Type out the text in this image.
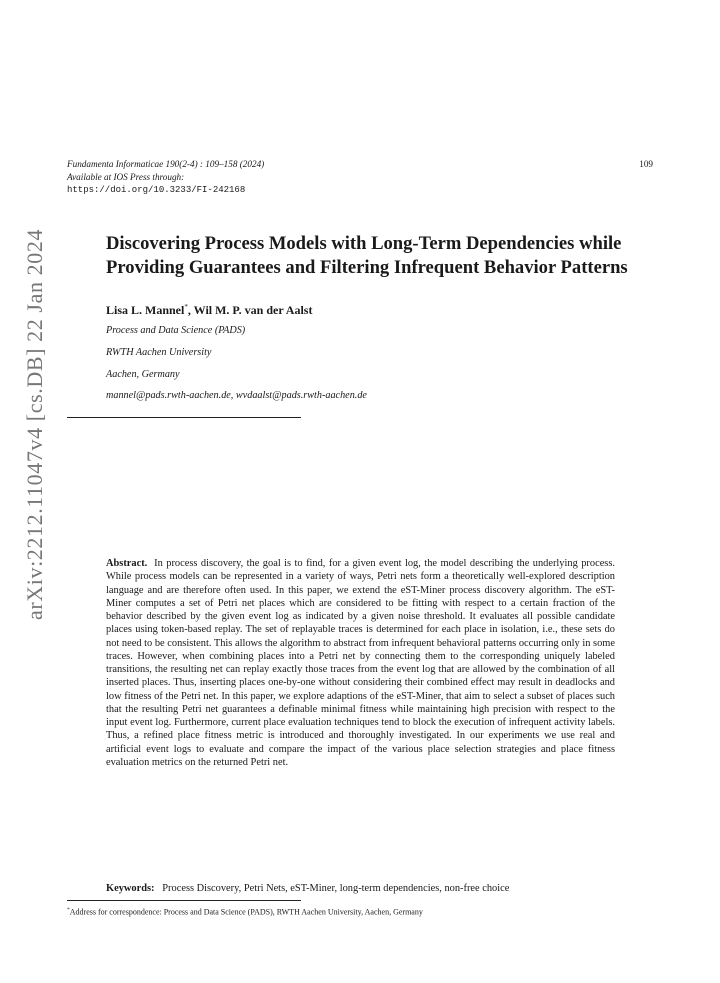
arXiv:2212.11047v4 [cs.DB] 22 Jan 2024
Fundamenta Informaticae 190(2-4) : 109–158 (2024)
Available at IOS Press through:
https://doi.org/10.3233/FI-242168
109
Discovering Process Models with Long-Term Dependencies while Providing Guarantees and Filtering Infrequent Behavior Patterns
Lisa L. Mannel*, Wil M. P. van der Aalst
Process and Data Science (PADS)
RWTH Aachen University
Aachen, Germany
mannel@pads.rwth-aachen.de, wvdaalst@pads.rwth-aachen.de
Abstract. In process discovery, the goal is to find, for a given event log, the model describing the underlying process. While process models can be represented in a variety of ways, Petri nets form a theoretically well-explored description language and are therefore often used. In this paper, we extend the eST-Miner process discovery algorithm. The eST-Miner computes a set of Petri net places which are considered to be fitting with respect to a certain fraction of the behavior described by the given event log as indicated by a given noise threshold. It evaluates all possible candidate places using token-based replay. The set of replayable traces is determined for each place in isolation, i.e., these sets do not need to be consistent. This allows the algorithm to abstract from infrequent behavioral patterns occurring only in some traces. However, when combining places into a Petri net by connecting them to the corresponding uniquely labeled transitions, the resulting net can replay exactly those traces from the event log that are allowed by the combination of all inserted places. Thus, inserting places one-by-one without considering their combined effect may result in deadlocks and low fitness of the Petri net. In this paper, we explore adaptions of the eST-Miner, that aim to select a subset of places such that the resulting Petri net guarantees a definable minimal fitness while maintaining high precision with respect to the input event log. Furthermore, current place evaluation techniques tend to block the execution of infrequent activity labels. Thus, a refined place fitness metric is introduced and thoroughly investigated. In our experiments we use real and artificial event logs to evaluate and compare the impact of the various place selection strategies and place fitness evaluation metrics on the returned Petri net.
Keywords: Process Discovery, Petri Nets, eST-Miner, long-term dependencies, non-free choice
*Address for correspondence: Process and Data Science (PADS), RWTH Aachen University, Aachen, Germany
